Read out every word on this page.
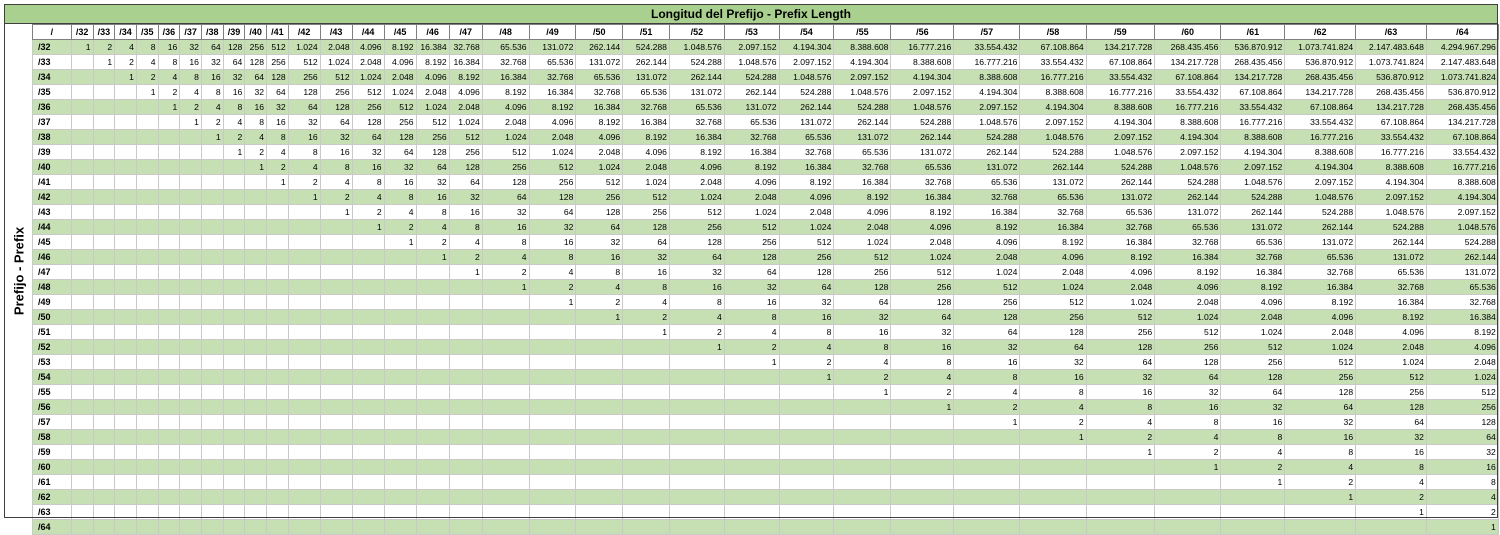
Longitud del Prefijo - Prefix Length
Prefijo - Prefix
/	/32	/33	/34	/35	/36	/37	/38	/39	/40	/41	/42	/43	/44	/45	/46	/47	/48	/49	/50	/51	/52	/53	/54	/55	/56	/57	/58	/59	/60	/61	/62	/63	/64
/32	1	2	4	8	16	32	64	128	256	512	1.024	2.048	4.096	8.192	16.384	32.768	65.536	131.072	262.144	524.288	1.048.576	2.097.152	4.194.304	8.388.608	16.777.216	33.554.432	67.108.864	134.217.728	268.435.456	536.870.912	1.073.741.824	2.147.483.648	4.294.967.296
/33		1	2	4	8	16	32	64	128	256	512	1.024	2.048	4.096	8.192	16.384	32.768	65.536	131.072	262.144	524.288	1.048.576	2.097.152	4.194.304	8.388.608	16.777.216	33.554.432	67.108.864	134.217.728	268.435.456	536.870.912	1.073.741.824	2.147.483.648
/34			1	2	4	8	16	32	64	128	256	512	1.024	2.048	4.096	8.192	16.384	32.768	65.536	131.072	262.144	524.288	1.048.576	2.097.152	4.194.304	8.388.608	16.777.216	33.554.432	67.108.864	134.217.728	268.435.456	536.870.912	1.073.741.824
/35				1	2	4	8	16	32	64	128	256	512	1.024	2.048	4.096	8.192	16.384	32.768	65.536	131.072	262.144	524.288	1.048.576	2.097.152	4.194.304	8.388.608	16.777.216	33.554.432	67.108.864	134.217.728	268.435.456	536.870.912
/36					1	2	4	8	16	32	64	128	256	512	1.024	2.048	4.096	8.192	16.384	32.768	65.536	131.072	262.144	524.288	1.048.576	2.097.152	4.194.304	8.388.608	16.777.216	33.554.432	67.108.864	134.217.728	268.435.456
/37						1	2	4	8	16	32	64	128	256	512	1.024	2.048	4.096	8.192	16.384	32.768	65.536	131.072	262.144	524.288	1.048.576	2.097.152	4.194.304	8.388.608	16.777.216	33.554.432	67.108.864	134.217.728
/38							1	2	4	8	16	32	64	128	256	512	1.024	2.048	4.096	8.192	16.384	32.768	65.536	131.072	262.144	524.288	1.048.576	2.097.152	4.194.304	8.388.608	16.777.216	33.554.432	67.108.864
/39								1	2	4	8	16	32	64	128	256	512	1.024	2.048	4.096	8.192	16.384	32.768	65.536	131.072	262.144	524.288	1.048.576	2.097.152	4.194.304	8.388.608	16.777.216	33.554.432
/40									1	2	4	8	16	32	64	128	256	512	1.024	2.048	4.096	8.192	16.384	32.768	65.536	131.072	262.144	524.288	1.048.576	2.097.152	4.194.304	8.388.608	16.777.216
/41										1	2	4	8	16	32	64	128	256	512	1.024	2.048	4.096	8.192	16.384	32.768	65.536	131.072	262.144	524.288	1.048.576	2.097.152	4.194.304	8.388.608
/42											1	2	4	8	16	32	64	128	256	512	1.024	2.048	4.096	8.192	16.384	32.768	65.536	131.072	262.144	524.288	1.048.576	2.097.152	4.194.304
/43												1	2	4	8	16	32	64	128	256	512	1.024	2.048	4.096	8.192	16.384	32.768	65.536	131.072	262.144	524.288	1.048.576	2.097.152
/44													1	2	4	8	16	32	64	128	256	512	1.024	2.048	4.096	8.192	16.384	32.768	65.536	131.072	262.144	524.288	1.048.576
/45														1	2	4	8	16	32	64	128	256	512	1.024	2.048	4.096	8.192	16.384	32.768	65.536	131.072	262.144	524.288
/46															1	2	4	8	16	32	64	128	256	512	1.024	2.048	4.096	8.192	16.384	32.768	65.536	131.072	262.144
/47																1	2	4	8	16	32	64	128	256	512	1.024	2.048	4.096	8.192	16.384	32.768	65.536	131.072
/48																	1	2	4	8	16	32	64	128	256	512	1.024	2.048	4.096	8.192	16.384	32.768	65.536
/49																		1	2	4	8	16	32	64	128	256	512	1.024	2.048	4.096	8.192	16.384	32.768
/50																			1	2	4	8	16	32	64	128	256	512	1.024	2.048	4.096	8.192	16.384
/51																				1	2	4	8	16	32	64	128	256	512	1.024	2.048	4.096	8.192
/52																					1	2	4	8	16	32	64	128	256	512	1.024	2.048	4.096
/53																						1	2	4	8	16	32	64	128	256	512	1.024	2.048
/54																							1	2	4	8	16	32	64	128	256	512	1.024
/55																								1	2	4	8	16	32	64	128	256	512
/56																									1	2	4	8	16	32	64	128	256
/57																										1	2	4	8	16	32	64	128
/58																											1	2	4	8	16	32	64
/59																												1	2	4	8	16	32
/60																													1	2	4	8	16
/61																														1	2	4	8
/62																															1	2	4
/63																																1	2
/64																																	1
